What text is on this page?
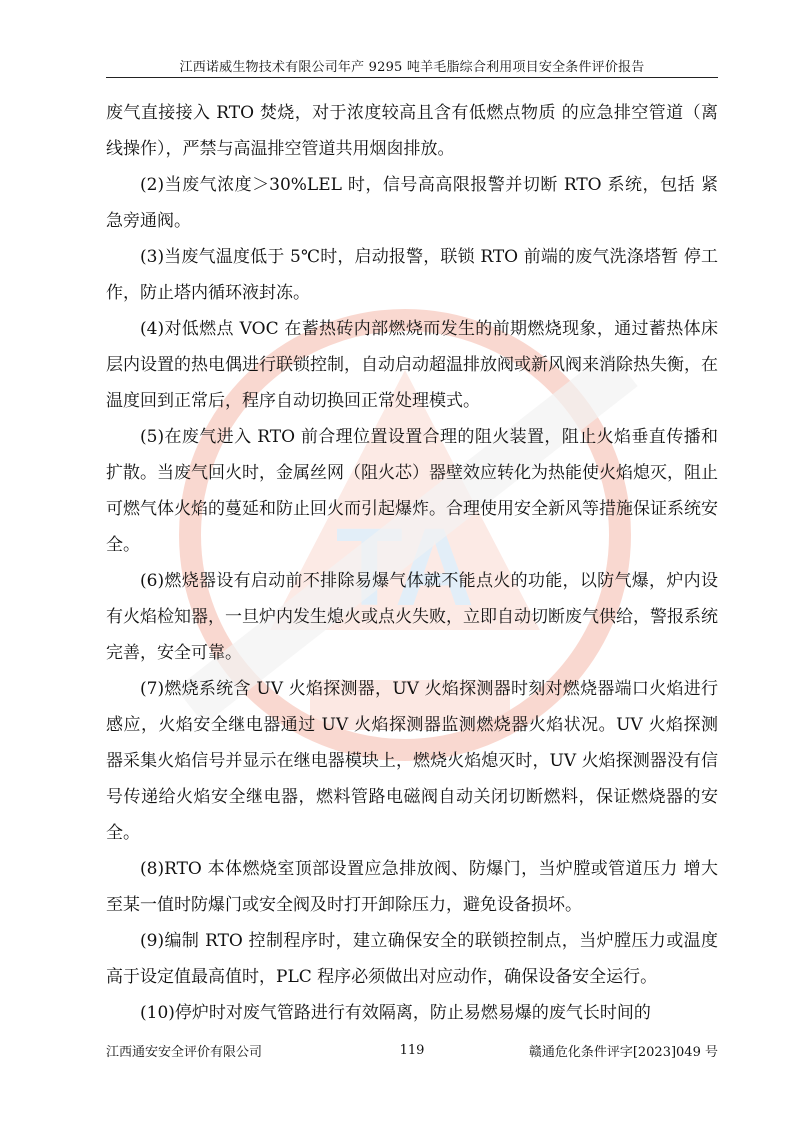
江西诺威生物技术有限公司年产 9295 吨羊毛脂综合利用项目安全条件评价报告
TA

废气直接接入 RTO 焚烧，对于浓度较高且含有低燃点物质 的应急排空管道（离线操作），严禁与高温排空管道共用烟囱排放。

(2)当废气浓度＞30%LEL 时，信号高高限报警并切断 RTO 系统，包括 紧急旁通阀。

(3)当废气温度低于 5℃时，启动报警，联锁 RTO 前端的废气洗涤塔暂 停工作，防止塔内循环液封冻。

(4)对低燃点 VOC 在蓄热砖内部燃烧而发生的前期燃烧现象，通过蓄热体床层内设置的热电偶进行联锁控制，自动启动超温排放阀或新风阀来消除热失衡，在温度回到正常后，程序自动切换回正常处理模式。

(5)在废气进入 RTO 前合理位置设置合理的阻火装置，阻止火焰垂直传播和扩散。当废气回火时，金属丝网（阻火芯）器壁效应转化为热能使火焰熄灭，阻止可燃气体火焰的蔓延和防止回火而引起爆炸。合理使用安全新风等措施保证系统安全。

(6)燃烧器设有启动前不排除易爆气体就不能点火的功能，以防气爆，炉内设有火焰检知器，一旦炉内发生熄火或点火失败，立即自动切断废气供给，警报系统完善，安全可靠。

(7)燃烧系统含 UV 火焰探测器，UV 火焰探测器时刻对燃烧器端口火焰进行感应，火焰安全继电器通过 UV 火焰探测器监测燃烧器火焰状况。UV 火焰探测器采集火焰信号并显示在继电器模块上，燃烧火焰熄灭时，UV 火焰探测器没有信号传递给火焰安全继电器，燃料管路电磁阀自动关闭切断燃料，保证燃烧器的安全。

(8)RTO 本体燃烧室顶部设置应急排放阀、防爆门，当炉膛或管道压力 增大至某一值时防爆门或安全阀及时打开卸除压力，避免设备损坏。

(9)编制 RTO 控制程序时，建立确保安全的联锁控制点，当炉膛压力或温度高于设定值最高值时，PLC 程序必须做出对应动作，确保设备安全运行。

(10)停炉时对废气管路进行有效隔离，防止易燃易爆的废气长时间的

江西通安安全评价有限公司	119	赣通危化条件评字[2023]049 号
